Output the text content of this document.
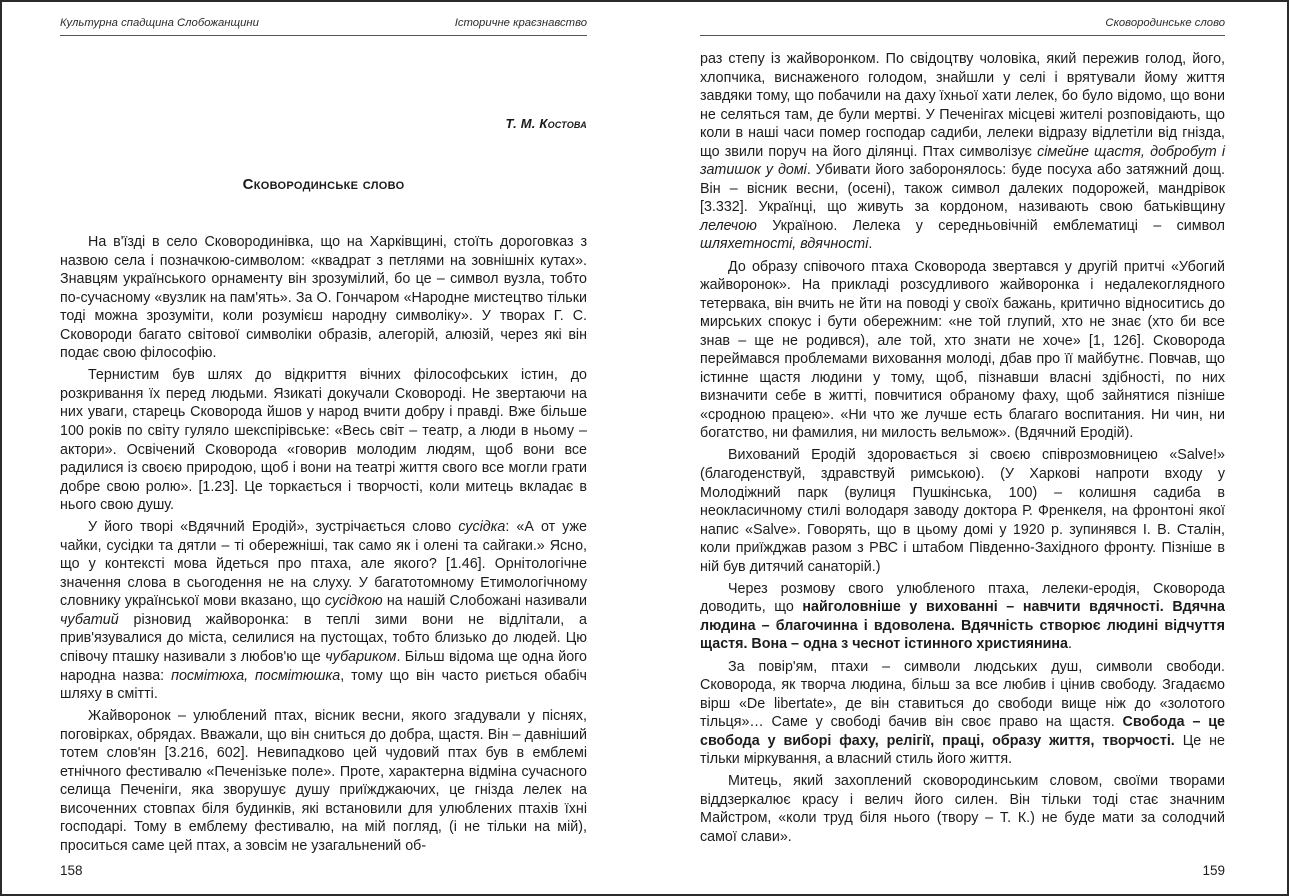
Культурна спадщина Слобожанщини	Історичне краєзнавство
Т. М. Костова
Сковородинське слово

На в'їзді в село Сковородинівка, що на Харківщині, стоїть дороговказ з назвою села і позначкою-символом: «квадрат з петлями на зовнішніх кутах». Знавцям українського орнаменту він зрозумілий, бо це – символ вузла, тобто по-сучасному «вузлик на пам'ять». За О. Гончаром «Народне мистецтво тільки тоді можна зрозуміти, коли розумієш народну символіку». У творах Г. С. Сковороди багато світової символіки образів, алегорій, алюзій, через які він подає свою філософію.

Тернистим був шлях до відкриття вічних філософських істин, до розкривання їх перед людьми. Язикаті докучали Сковороді. Не звертаючи на них уваги, старець Сковорода йшов у народ вчити добру і правді. Вже більше 100 років по світу гуляло шекспірівське: «Весь світ – театр, а люди в ньому – актори». Освічений Сковорода «говорив молодим людям, щоб вони все радилися із своєю природою, щоб і вони на театрі життя свого все могли грати добре свою ролю». [1.23]. Це торкається і творчості, коли митець вкладає в нього свою душу.

У його творі «Вдячний Еродій», зустрічається слово сусідка: «А от уже чайки, сусідки та дятли – ті обережніші, так само як і олені та сайгаки.» Ясно, що у контексті мова йдеться про птаха, але якого? [1.46]. Орнітологічне значення слова в сьогодення не на слуху. У багатотомному Етимологічному словнику української мови вказано, що сусідкою на нашій Слобожані називали чубатий різновид жайворонка: в теплі зими вони не відлітали, а прив'язувалися до міста, селилися на пустощах, тобто близько до людей. Цю співочу пташку називали з любов'ю ще чубариком. Більш відома ще одна його народна назва: посмітюха, посмітюшка, тому що він часто риється обабіч шляху в смітті.

Жайворонок – улюблений птах, вісник весни, якого згадували у піснях, поговірках, обрядах. Вважали, що він сниться до добра, щастя. Він – давніший тотем слов'ян [3.216, 602]. Невипадково цей чудовий птах був в емблемі етнічного фестивалю «Печенізьке поле». Проте, характерна відміна сучасного селища Печеніги, яка зворушує душу приїжджаючих, це гнізда лелек на височенних стовпах біля будинків, які встановили для улюблених птахів їхні господарі. Тому в емблему фестивалю, на мій погляд, (і не тільки на мій), проситься саме цей птах, а зовсім не узагальнений об-

158
Сковородинське слово

раз степу із жайворонком. По свідоцтву чоловіка, який пережив голод, його, хлопчика, виснаженого голодом, знайшли у селі і врятували йому життя завдяки тому, що побачили на даху їхньої хати лелек, бо було відомо, що вони не селяться там, де були мертві. У Печенігах місцеві жителі розповідають, що коли в наші часи помер господар садиби, лелеки відразу відлетіли від гнізда, що звили поруч на його ділянці. Птах символізує сімейне щастя, добробут і затишок у домі. Убивати його заборонялось: буде посуха або затяжний дощ. Він – вісник весни, (осені), також символ далеких подорожей, мандрівок [3.332]. Українці, що живуть за кордоном, називають свою батьківщину лелечою Україною. Лелека у середньовічній емблематиці – символ шляхетності, вдячності.

До образу співочого птаха Сковорода звертався у другій притчі «Убогий жайворонок». На прикладі розсудливого жайворонка і недалекоглядного тетервака, він вчить не йти на поводі у своїх бажань, критично відноситись до мирських спокус і бути обережним: «не той глупий, хто не знає (хто би все знав – ще не родився), але той, хто знати не хоче» [1, 126]. Сковорода переймався проблемами виховання молоді, дбав про її майбутнє. Повчав, що істинне щастя людини у тому, щоб, пізнавши власні здібності, по них визначити себе в житті, повчитися обраному фаху, щоб зайнятися пізніше «сродною працею». «Ни что же лучше есть благаго воспитания. Ни чин, ни богатство, ни фамилия, ни милость вельмож». (Вдячний Еродій).

Вихований Еродій здоровається зі своєю співрозмовницею «Salve!» (благоденствуй, здравствуй римською). (У Харкові напроти входу у Молодіжний парк (вулиця Пушкінська, 100) – колишня садиба в неокласичному стилі володаря заводу доктора Р. Френкеля, на фронтоні якої напис «Salve». Говорять, що в цьому домі у 1920 р. зупинявся І. В. Сталін, коли приїжджав разом з РВС і штабом Південно-Західного фронту. Пізніше в ній був дитячий санаторій.)

Через розмову свого улюбленого птаха, лелеки-еродія, Сковорода доводить, що найголовніше у вихованні – навчити вдячності. Вдячна людина – благочинна і вдоволена. Вдячність створює людині відчуття щастя. Вона – одна з чеснот істинного християнина.

За повір'ям, птахи – символи людських душ, символи свободи. Сковорода, як творча людина, більш за все любив і цінив свободу. Згадаємо вірш «De libertate», де він ставиться до свободи вище ніж до «золотого тільця»… Саме у свободі бачив він своє право на щастя. Свобода – це свобода у виборі фаху, релігії, праці, образу життя, творчості. Це не тільки міркування, а власний стиль його життя.

Митець, який захоплений сковородинським словом, своїми творами віддзеркалює красу і велич його силен. Він тільки тоді стає значним Майстром, «коли труд біля нього (твору – Т. К.) не буде мати за солодчий самої слави».

159
